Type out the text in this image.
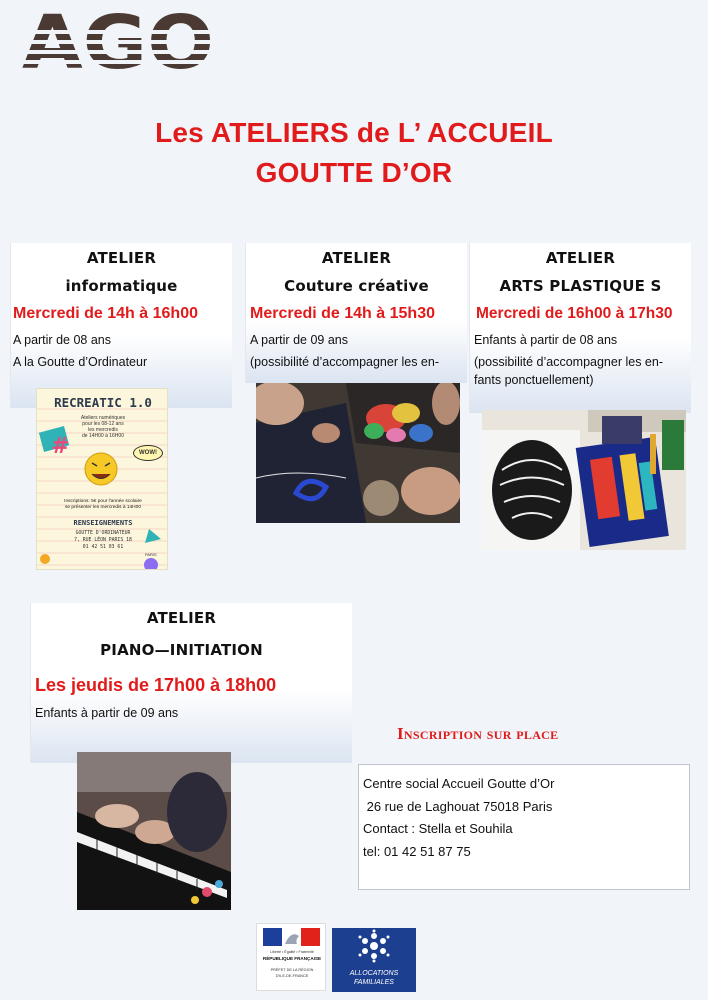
Les ATELIERS de L’ ACCUEIL
GOUTTE D’OR
ATELIER
informatique
Mercredi de 14h à 16h00
A partir de 08 ans
A la Goutte d’Ordinateur
ATELIER
Couture créative
Mercredi de 14h à 15h30
A partir de 09 ans
(possibilité d’accompagner les en-
ATELIER
ARTS PLASTIQUE S
Mercredi de 16h00 à 17h30
Enfants à partir de 08 ans
(possibilité d’accompagner les en-
fants ponctuellement)
ATELIER
PIANO—INITIATION
Les jeudis de 17h00 à 18h00
Enfants à partir de 09 ans
#
RECREATIC 1.0
Ateliers numériques
pour les 08-12 ans
les mercredis
de 14H00 à 16H00
WOW!
Inscriptions: 5€ pour l'année scolaire
se présenter les mercredis à 14H00
RENSEIGNEMENTS
GOUTTE D'ORDINATEUR
7, RUE LÉON PARIS 18
01 42 51 03 61
PARIS
Inscription sur place
Centre social Accueil Goutte d’Or
26 rue de Laghouat 75018 Paris
Contact : Stella et Souhila
tel: 01 42 51 87 75
Liberté • Égalité • Fraternité
RÉPUBLIQUE FRANÇAISE
PRÉFET DE LA RÉGION
D'ILE-DE-FRANCE	ALLOCATIONS
FAMILIALES
